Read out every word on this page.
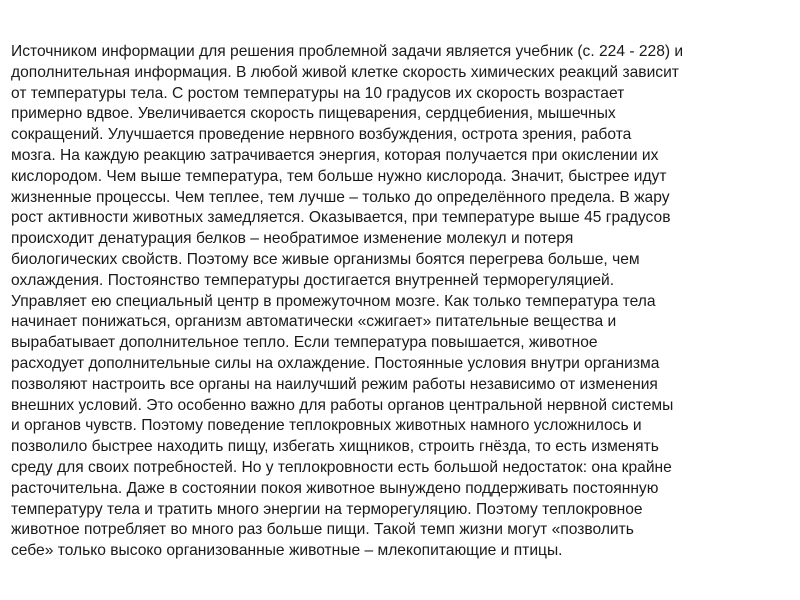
Источником информации для решения проблемной задачи является учебник (с. 224 - 228) и
дополнительная информация. В любой живой клетке скорость химических реакций зависит
от температуры тела. С ростом температуры на 10 градусов их скорость возрастает
примерно вдвое. Увеличивается скорость пищеварения, сердцебиения, мышечных
сокращений. Улучшается проведение нервного возбуждения, острота зрения, работа
мозга. На каждую реакцию затрачивается энергия, которая получается при окислении их
кислородом. Чем выше температура, тем больше нужно кислорода. Значит, быстрее идут
жизненные процессы. Чем теплее, тем лучше – только до определённого предела. В жару
рост активности животных замедляется. Оказывается, при температуре выше 45 градусов
происходит денатурация белков – необратимое изменение молекул и потеря
биологических свойств. Поэтому все живые организмы боятся перегрева больше, чем
охлаждения. Постоянство температуры достигается внутренней терморегуляцией.
Управляет ею специальный центр в промежуточном мозге. Как только температура тела
начинает понижаться, организм автоматически «сжигает» питательные вещества и
вырабатывает дополнительное тепло. Если температура повышается, животное
расходует дополнительные силы на охлаждение. Постоянные условия внутри организма
позволяют настроить все органы на наилучший режим работы независимо от изменения
внешних условий. Это особенно важно для работы органов центральной нервной системы
и органов чувств. Поэтому поведение теплокровных животных намного усложнилось и
позволило быстрее находить пищу, избегать хищников, строить гнёзда, то есть изменять
среду для своих потребностей. Но у теплокровности есть большой недостаток: она крайне
расточительна. Даже в состоянии покоя животное вынуждено поддерживать постоянную
температуру тела и тратить много энергии на терморегуляцию. Поэтому теплокровное
животное потребляет во много раз больше пищи. Такой темп жизни могут «позволить
себе» только высоко организованные животные – млекопитающие и птицы.
